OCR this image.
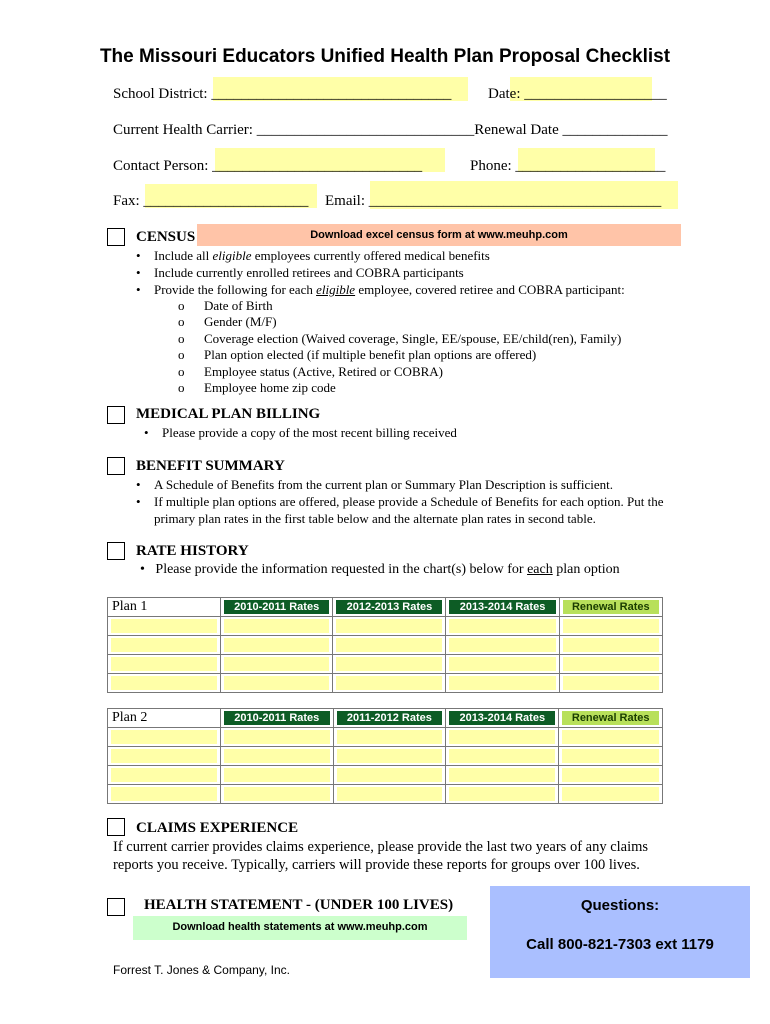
The Missouri Educators Unified Health Plan Proposal Checklist
School District: ________________________________ Date: ___________________
Current Health Carrier: _____________________________Renewal Date ______________
Contact Person: ____________________________	Phone: ____________________
Fax: ______________________ Email: _______________________________________
CENSUS	Download excel census form at www.meuhp.com
• Include all eligible employees currently offered medical benefits
• Include currently enrolled retirees and COBRA participants
• Provide the following for each eligible employee, covered retiree and COBRA participant:
o Date of Birth
o Gender (M/F)
o Coverage election (Waived coverage, Single, EE/spouse, EE/child(ren), Family)
o Plan option elected (if multiple benefit plan options are offered)
o Employee status (Active, Retired or COBRA)
o Employee home zip code
MEDICAL PLAN BILLING
• Please provide a copy of the most recent billing received
BENEFIT SUMMARY
• A Schedule of Benefits from the current plan or Summary Plan Description is sufficient.
• If multiple plan options are offered, please provide a Schedule of Benefits for each option. Put the primary plan rates in the first table below and the alternate plan rates in second table.
RATE HISTORY
•   Please provide the information requested in the chart(s) below for each plan option
Plan 1	2010-2011 Rates	2012-2013 Rates	2013-2014 Rates	Renewal Rates

Plan 2	2010-2011 Rates	2011-2012 Rates	2013-2014 Rates	Renewal Rates

CLAIMS EXPERIENCE
If current carrier provides claims experience, please provide the last two years of any claims reports you receive. Typically, carriers will provide these reports for groups over 100 lives.
HEALTH STATEMENT - (UNDER 100 LIVES)
Download health statements at www.meuhp.com
Questions:
Call 800-821-7303 ext 1179
Forrest T. Jones & Company, Inc.
